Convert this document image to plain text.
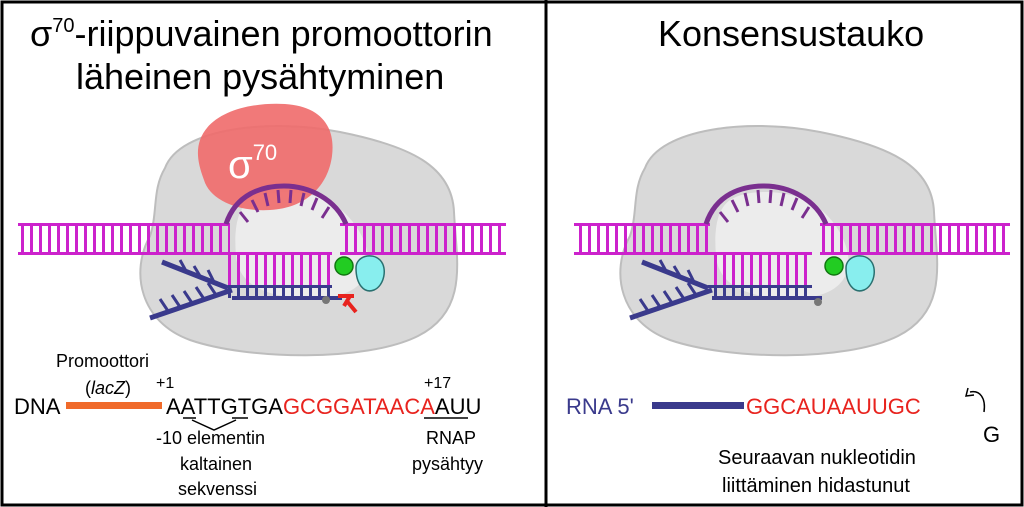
$\sigma^{70}$-riippuvainen promoottorin
läheinen pysähtyminen
$\sigma^{70}$
Promoottori
(lacZ) +1	+17
DNA	AATTGTGAGCGGATAACAAUU
-10 elementin
kaltainen
sekvenssi
RNAP
pysähtyy
Konsensustauko
RNA 5'	GGCAUAAUUGC
G
Seuraavan nukleotidin
liittäminen hidastunut
